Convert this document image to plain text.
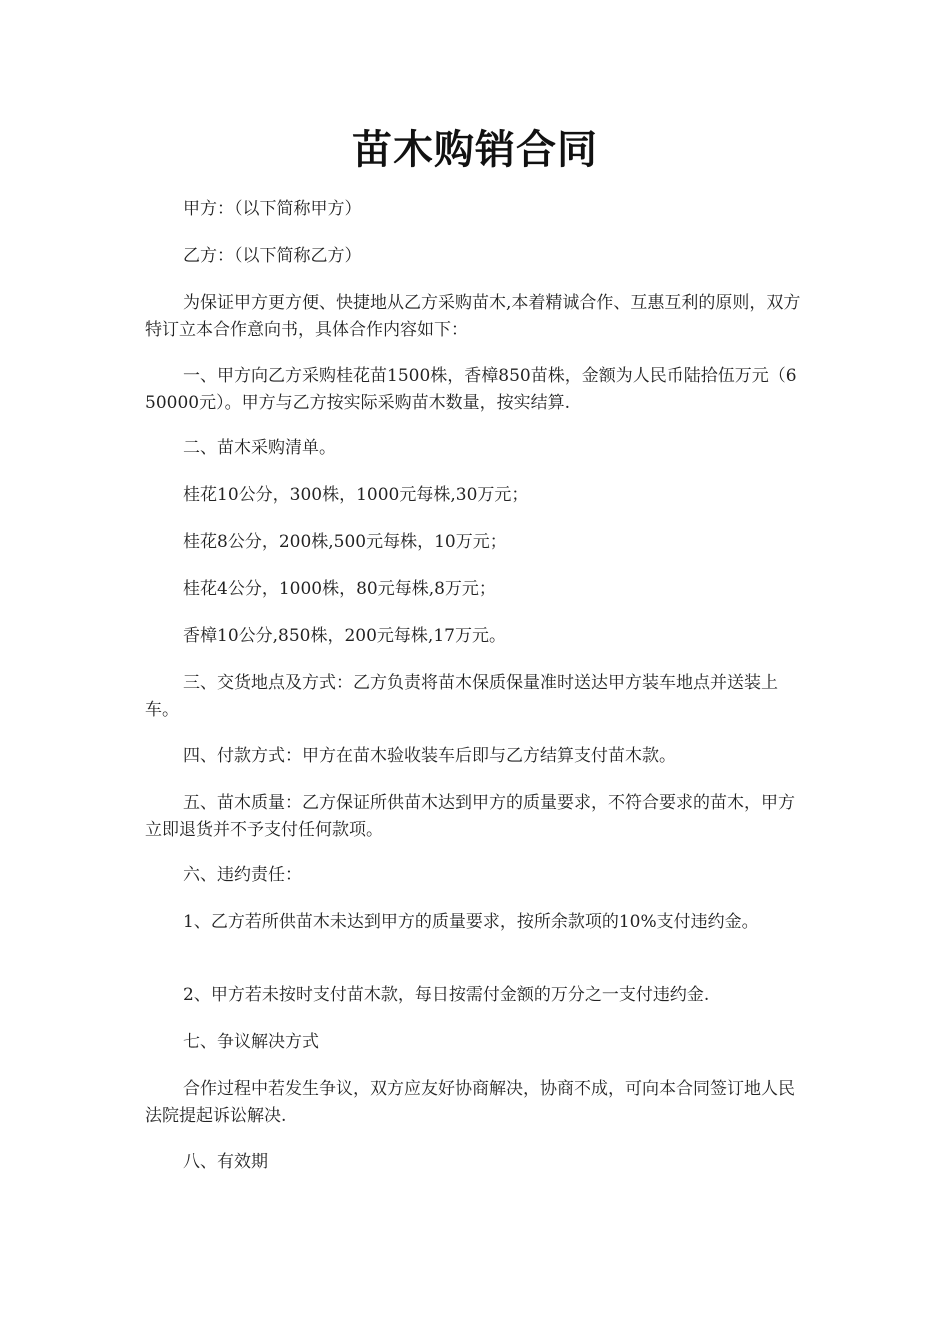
苗木购销合同

甲方：（以下简称甲方）

乙方：（以下简称乙方）

为保证甲方更方便、快捷地从乙方采购苗木,本着精诚合作、互惠互利的原则，双方特订立本合作意向书，具体合作内容如下：

一、甲方向乙方采购桂花苗1500株，香樟850苗株，金额为人民币陆拾伍万元（650000元）。甲方与乙方按实际采购苗木数量，按实结算.

二、苗木采购清单。

桂花10公分，300株，1000元每株,30万元；

桂花8公分，200株,500元每株，10万元；

桂花4公分，1000株，80元每株,8万元；

香樟10公分,850株，200元每株,17万元。

三、交货地点及方式：乙方负责将苗木保质保量准时送达甲方装车地点并送装上车。

四、付款方式：甲方在苗木验收装车后即与乙方结算支付苗木款。

五、苗木质量：乙方保证所供苗木达到甲方的质量要求，不符合要求的苗木，甲方立即退货并不予支付任何款项。

六、违约责任：

1、乙方若所供苗木未达到甲方的质量要求，按所余款项的10%支付违约金。

2、甲方若未按时支付苗木款，每日按需付金额的万分之一支付违约金.

七、争议解决方式

合作过程中若发生争议，双方应友好协商解决，协商不成，可向本合同签订地人民法院提起诉讼解决.

八、有效期
